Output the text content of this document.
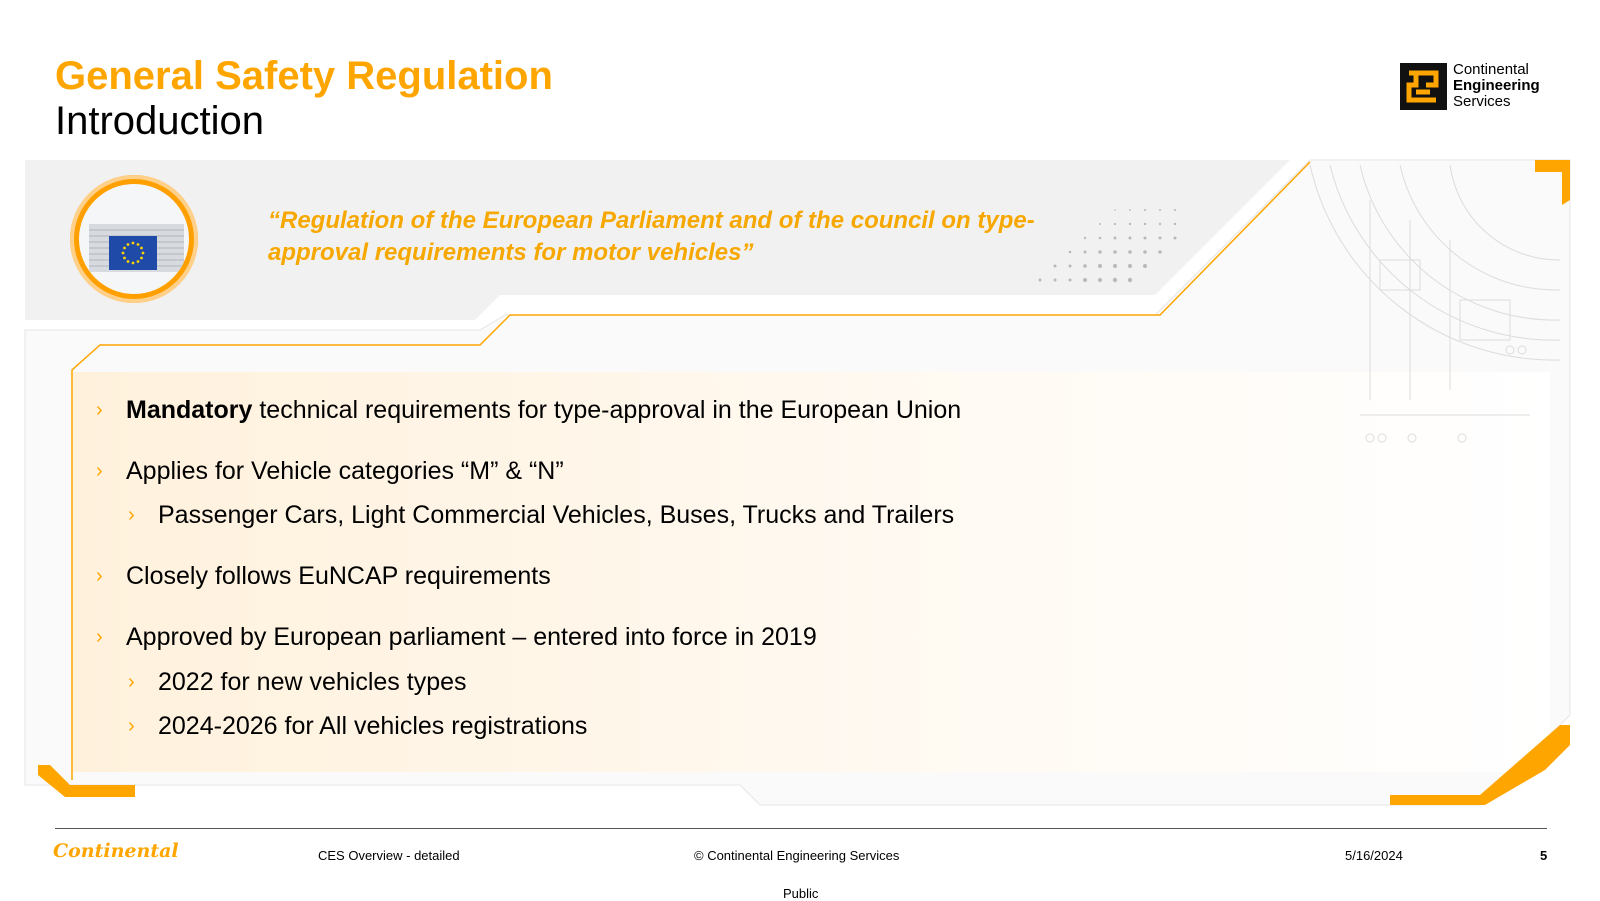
General Safety Regulation
Introduction
Continental
Engineering
Services
“Regulation of the European Parliament and of the council on type-approval requirements for motor vehicles”
› Mandatory technical requirements for type-approval in the European Union
› Applies for Vehicle categories “M” & “N”
› Passenger Cars, Light Commercial Vehicles, Buses, Trucks and Trailers
› Closely follows EuNCAP requirements
› Approved by European parliament – entered into force in 2019
› 2022 for new vehicles types
› 2024-2026 for All vehicles registrations
Continental	CES Overview - detailed	© Continental Engineering Services	5/16/2024	5
Public
